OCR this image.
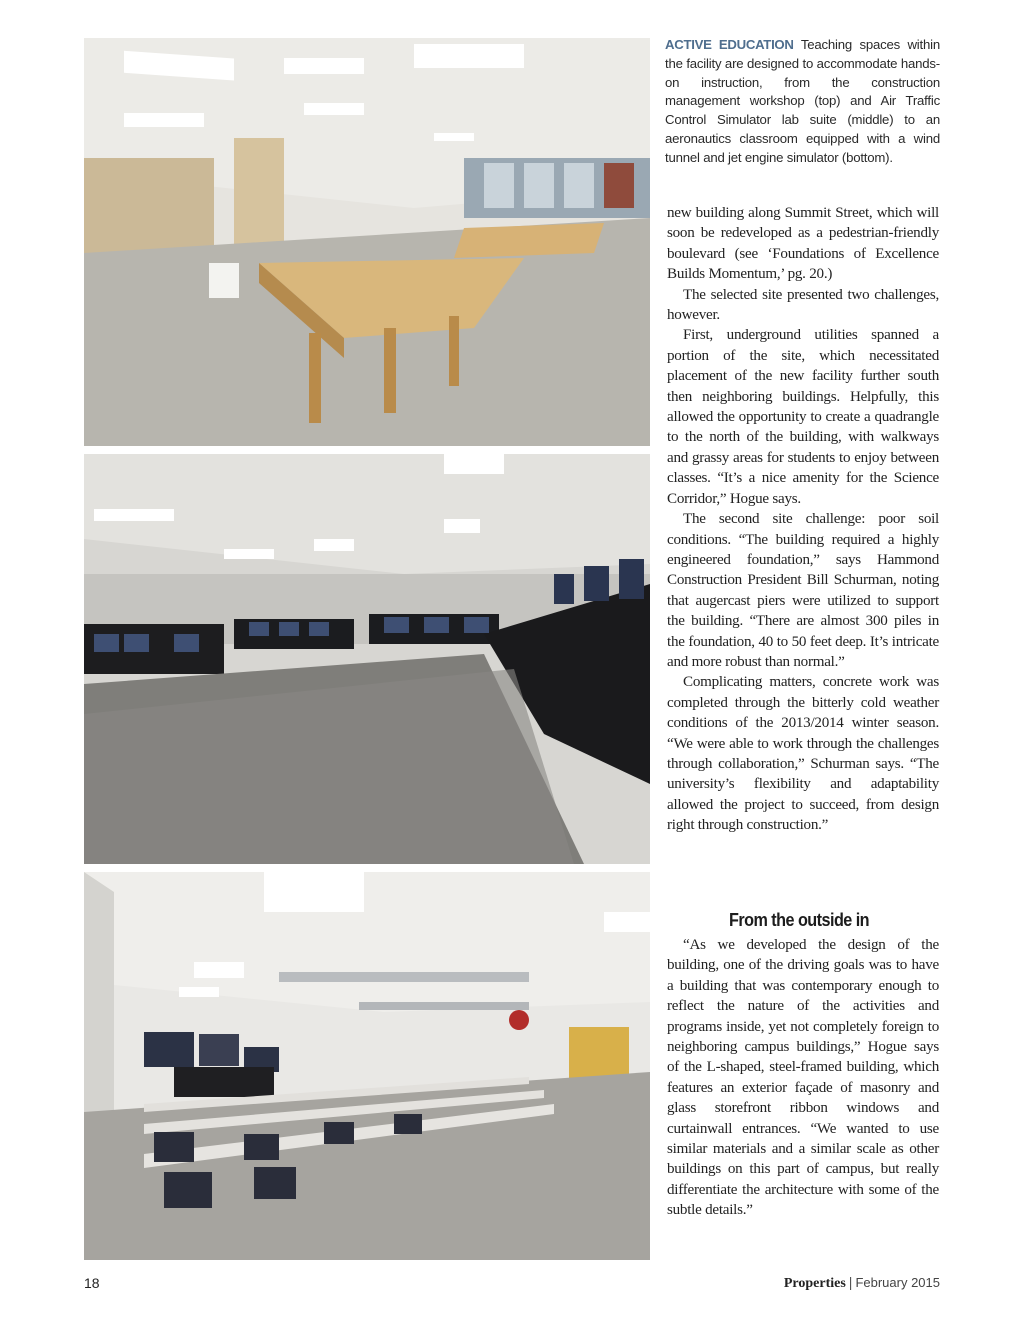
ACTIVE EDUCATION Teaching spaces within the facility are designed to accommodate hands-on instruction, from the construction management workshop (top) and Air Traffic Control Simulator lab suite (middle) to an aeronautics classroom equipped with a wind tunnel and jet engine simulator (bottom).

new building along Summit Street, which will soon be redeveloped as a pedestrian-friendly boulevard (see ‘Foundations of Excellence Builds Momentum,’ pg. 20.)

The selected site presented two challenges, however.

First, underground utilities spanned a portion of the site, which necessitated placement of the new facility further south then neighboring buildings. Helpfully, this allowed the opportunity to create a quadrangle to the north of the building, with walkways and grassy areas for students to enjoy between classes. “It’s a nice amenity for the Science Corridor,” Hogue says.

The second site challenge: poor soil conditions. “The building required a highly engineered foundation,” says Hammond Construction President Bill Schurman, noting that augercast piers were utilized to support the building. “There are almost 300 piles in the foundation, 40 to 50 feet deep. It’s intricate and more robust than normal.”

Complicating matters, concrete work was completed through the bitterly cold weather conditions of the 2013/2014 winter season. “We were able to work through the challenges through collaboration,” Schurman says. “The university’s flexibility and adaptability allowed the project to succeed, from design right through construction.”

From the outside in

“As we developed the design of the building, one of the driving goals was to have a building that was contemporary enough to reflect the nature of the activities and programs inside, yet not completely foreign to neighboring campus buildings,” Hogue says of the L-shaped, steel-framed building, which features an exterior façade of masonry and glass storefront ribbon windows and curtainwall entrances. “We wanted to use similar materials and a similar scale as other buildings on this part of campus, but really differentiate the architecture with some of the subtle details.”

18	Properties | February 2015
